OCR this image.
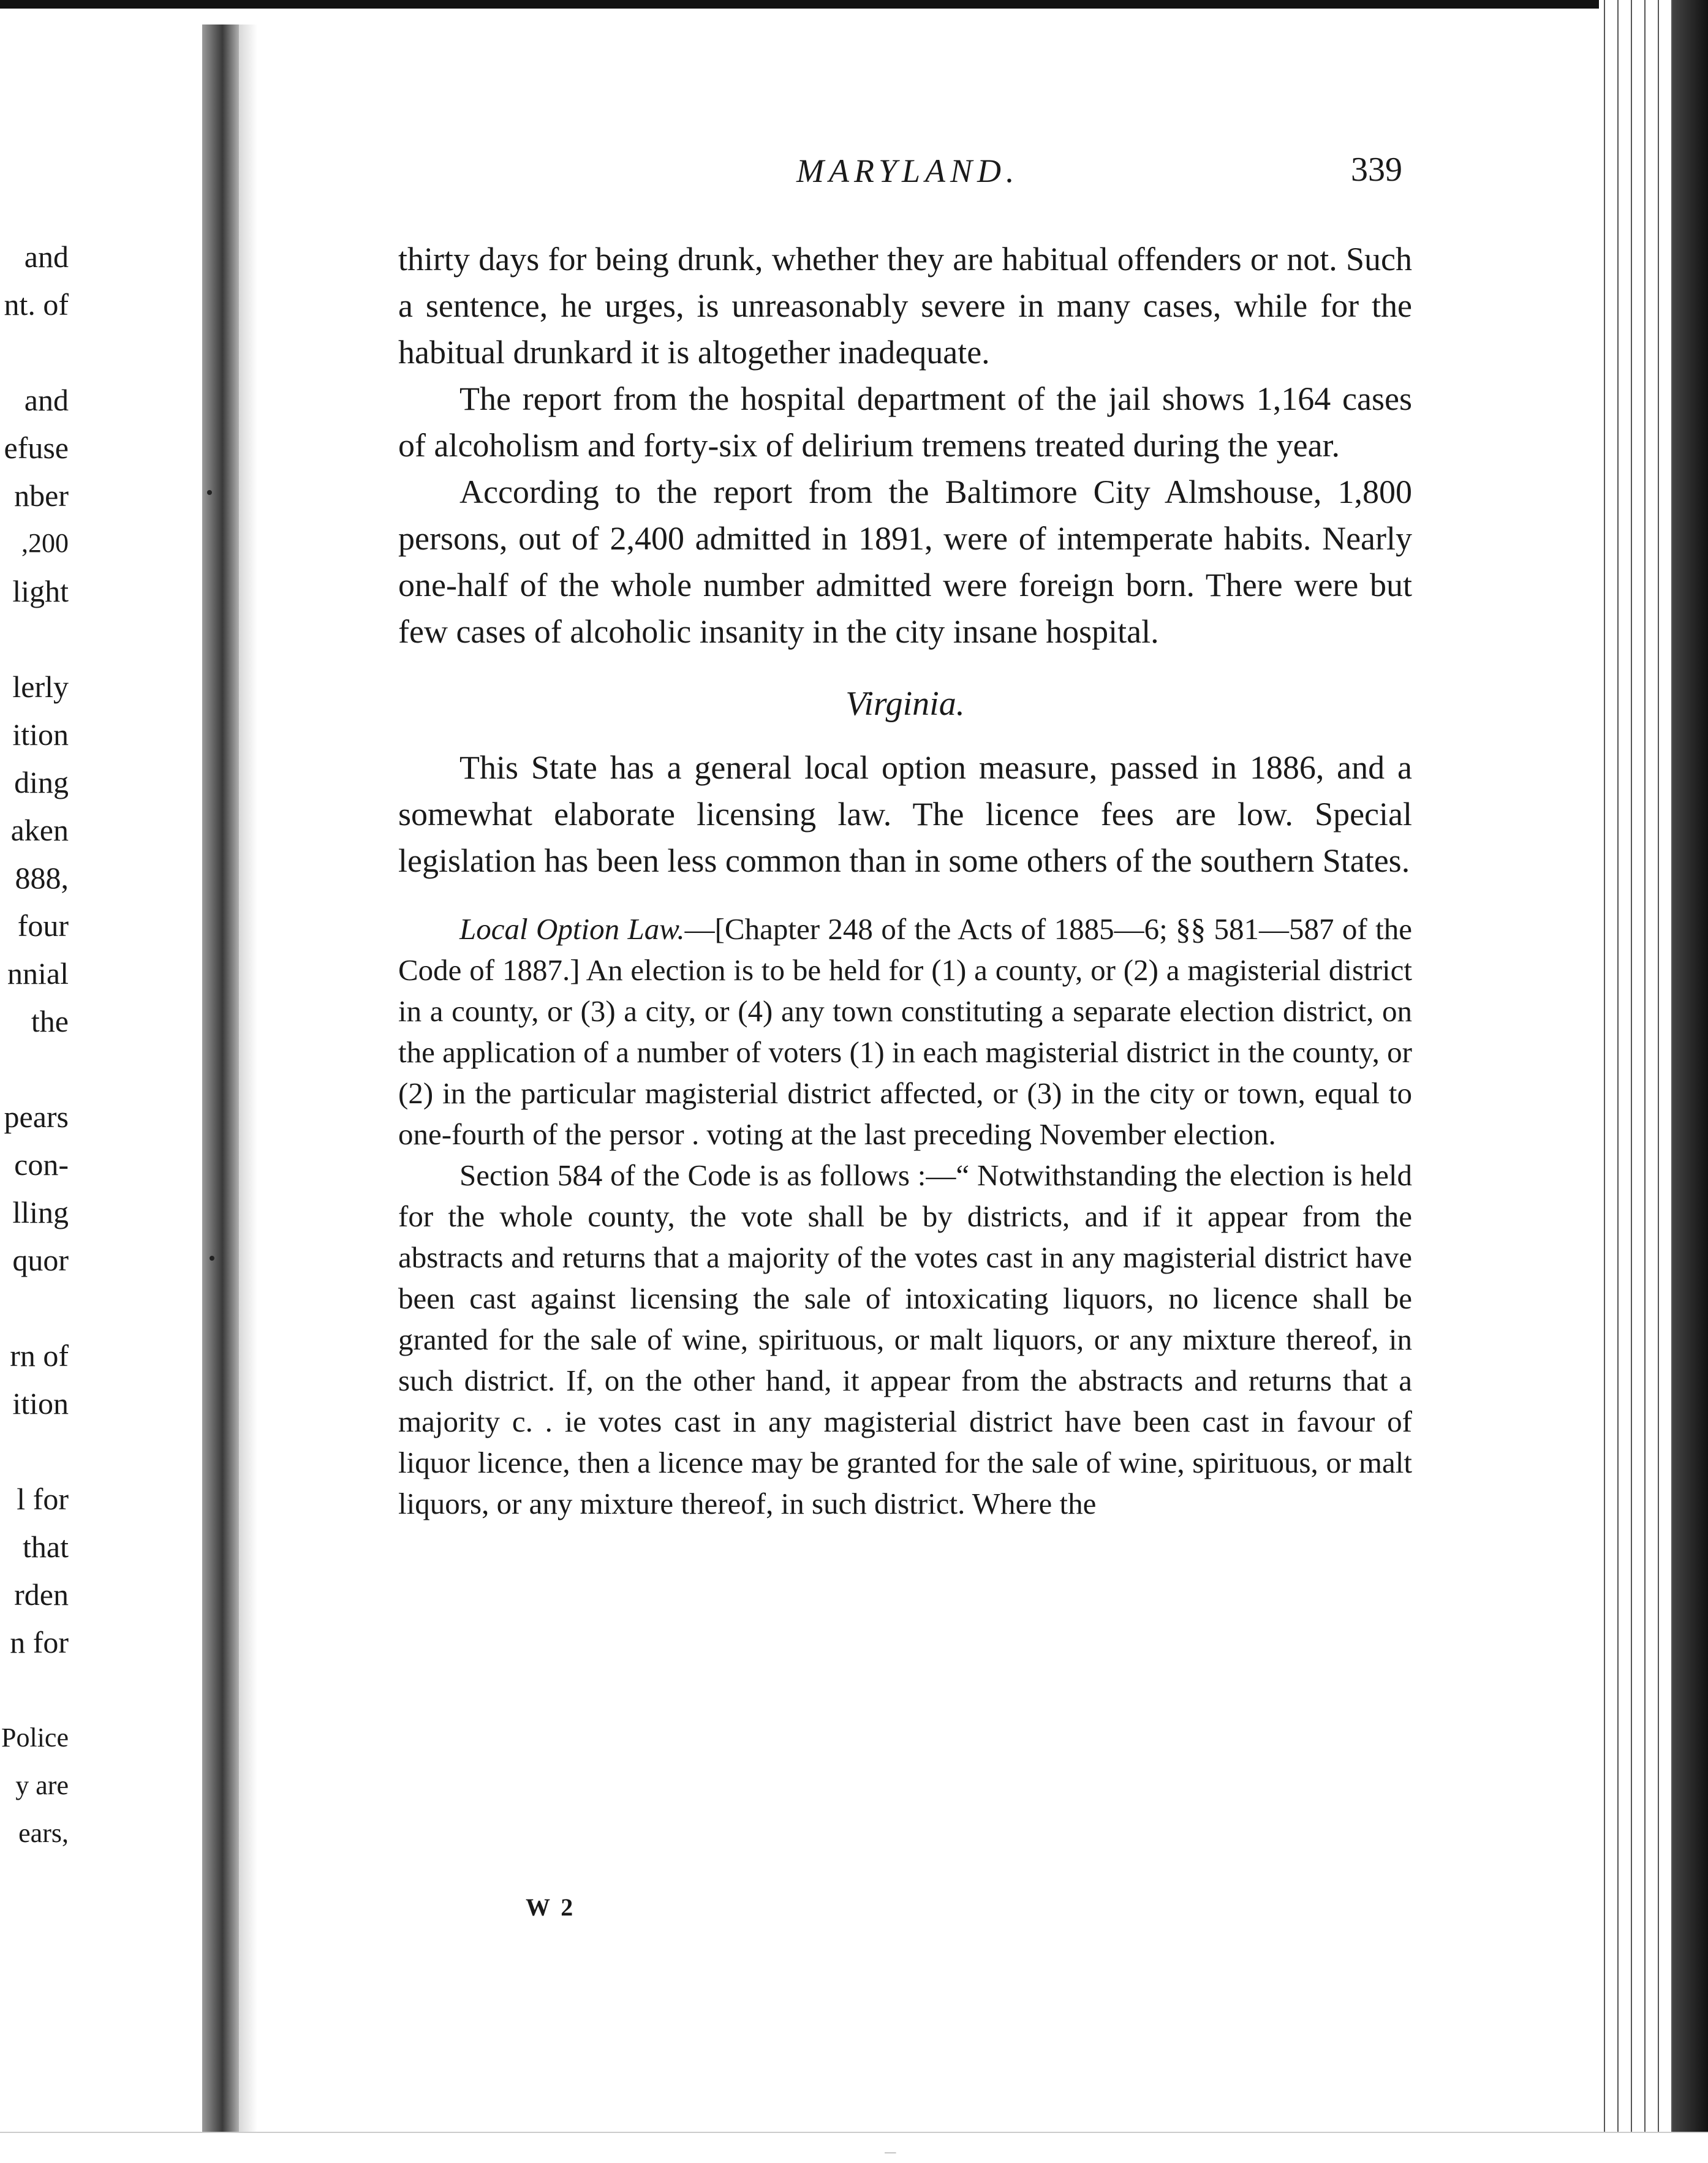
and
nt. of
and
efuse
nber
,200
light
lerly
ition
ding
aken
888,
four
nnial
the
pears
con-
lling
quor
rn of
ition
l for
that
rden
n for
Police
y are
ears,
MARYLAND.	339

thirty days for being drunk, whether they are habitual offenders or not. Such a sentence, he urges, is unreasonably severe in many cases, while for the habitual drunkard it is altogether inadequate.

The report from the hospital department of the jail shows 1,164 cases of alcoholism and forty-six of delirium tremens treated during the year.

According to the report from the Baltimore City Almshouse, 1,800 persons, out of 2,400 admitted in 1891, were of intemperate habits. Nearly one-half of the whole number admitted were foreign born. There were but few cases of alcoholic insanity in the city insane hospital.

Virginia.

This State has a general local option measure, passed in 1886, and a somewhat elaborate licensing law. The licence fees are low. Special legislation has been less common than in some others of the southern States.

Local Option Law.—[Chapter 248 of the Acts of 1885—6; §§ 581—587 of the Code of 1887.] An election is to be held for (1) a county, or (2) a magisterial district in a county, or (3) a city, or (4) any town constituting a separate election district, on the application of a number of voters (1) in each magisterial district in the county, or (2) in the particular magisterial district affected, or (3) in the city or town, equal to one-fourth of the persor . voting at the last preceding November election.

Section 584 of the Code is as follows :—“ Notwithstanding the election is held for the whole county, the vote shall be by districts, and if it appear from the abstracts and returns that a majority of the votes cast in any magisterial district have been cast against licensing the sale of intoxicating liquors, no licence shall be granted for the sale of wine, spirituous, or malt liquors, or any mixture thereof, in such district. If, on the other hand, it appear from the abstracts and returns that a majority c. . ie votes cast in any magisterial district have been cast in favour of liquor licence, then a licence may be granted for the sale of wine, spirituous, or malt liquors, or any mixture thereof, in such district. Where the

W 2
